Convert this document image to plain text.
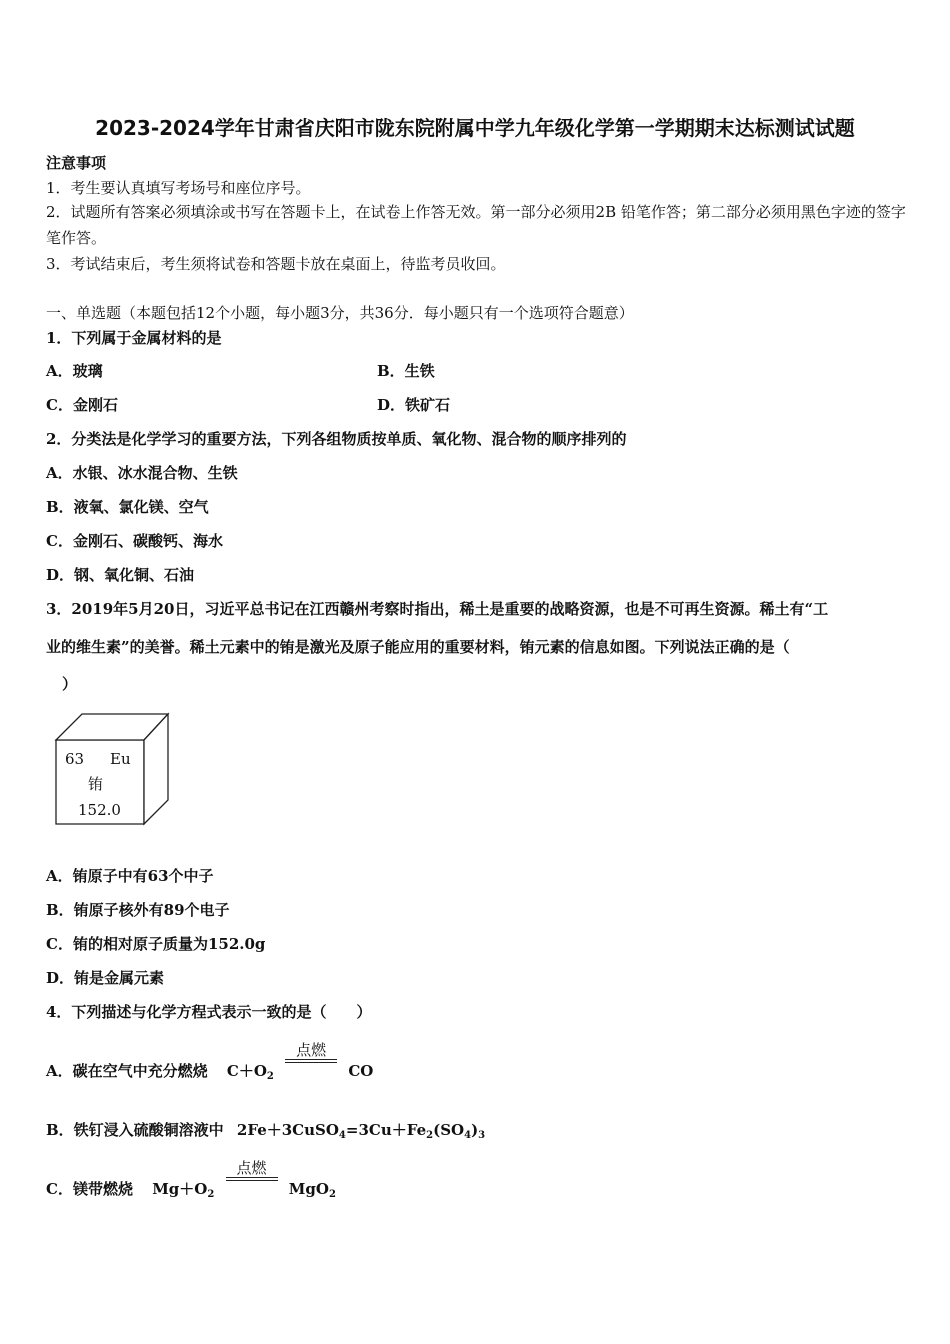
2023-2024学年甘肃省庆阳市陇东院附属中学九年级化学第一学期期末达标测试试题
注意事项
1．考生要认真填写考场号和座位序号。
2．试题所有答案必须填涂或书写在答题卡上，在试卷上作答无效。第一部分必须用2B 铅笔作答；第二部分必须用黑色字迹的签字笔作答。
3．考试结束后，考生须将试卷和答题卡放在桌面上，待监考员收回。
一、单选题（本题包括12个小题，每小题3分，共36分．每小题只有一个选项符合题意）
1．下列属于金属材料的是
A．玻璃	B．生铁
C．金刚石	D．铁矿石
2．分类法是化学学习的重要方法，下列各组物质按单质、氧化物、混合物的顺序排列的
A．水银、冰水混合物、生铁
B．液氧、氯化镁、空气
C．金刚石、碳酸钙、海水
D．钢、氧化铜、石油
3．2019年5月20日，习近平总书记在江西赣州考察时指出，稀土是重要的战略资源，也是不可再生资源。稀土有“工
业的维生素”的美誉。稀土元素中的铕是激光及原子能应用的重要材料，铕元素的信息如图。下列说法正确的是（
）
63 Eu
铕
152.0
A．铕原子中有63个中子
B．铕原子核外有89个电子
C．铕的相对原子质量为152.0g
D．铕是金属元素
4．下列描述与化学方程式表示一致的是（　　）
A．碳在空气中充分燃烧 $C+O_2$
点燃
CO
B．铁钉浸入硫酸铜溶液中 $2Fe+3CuSO_4=3Cu+Fe_2(SO_4)_3$
C．镁带燃烧 $Mg+O_2$
点燃
MgO$_2$
